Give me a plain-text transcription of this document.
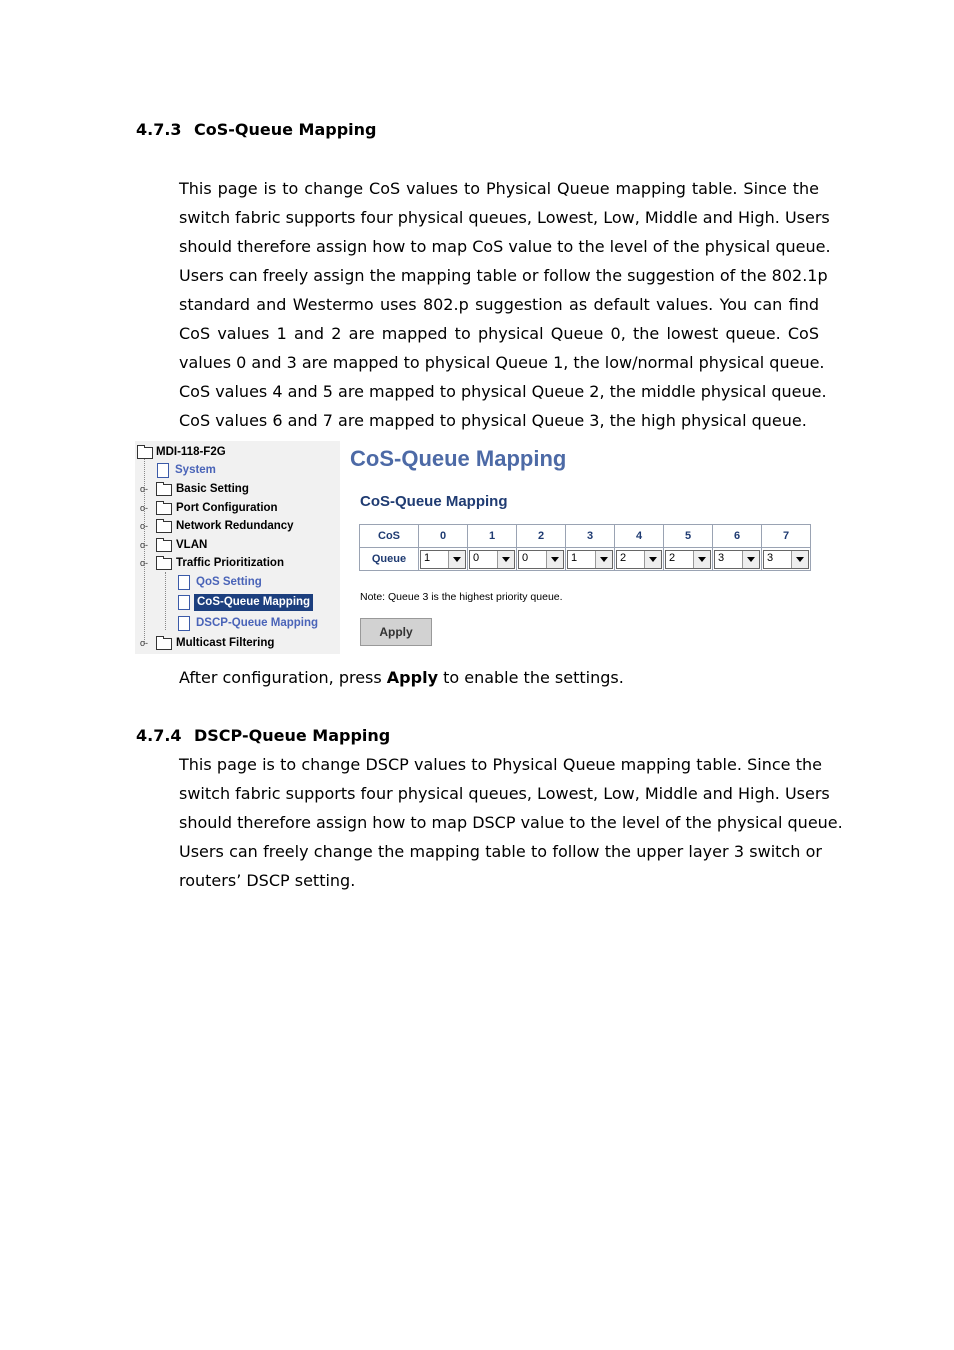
4.7.3 CoS-Queue Mapping
This page is to change CoS values to Physical Queue mapping table. Since the
switch fabric supports four physical queues, Lowest, Low, Middle and High. Users
should therefore assign how to map CoS value to the level of the physical queue.
Users can freely assign the mapping table or follow the suggestion of the 802.1p
standard and Westermo uses 802.p suggestion as default values. You can find
CoS values 1 and 2 are mapped to physical Queue 0, the lowest queue. CoS
values 0 and 3 are mapped to physical Queue 1, the low/normal physical queue.
CoS values 4 and 5 are mapped to physical Queue 2, the middle physical queue.
CoS values 6 and 7 are mapped to physical Queue 3, the high physical queue.
MDI-118-F2G
System
o- Basic Setting
o- Port Configuration
o- Network Redundancy
o- VLAN
o- Traffic Prioritization
QoS Setting
CoS-Queue Mapping
DSCP-Queue Mapping
o- Multicast Filtering
CoS-Queue Mapping
CoS-Queue Mapping
CoS	0	1	2	3	4	5	6	7
Queue	1	0	0	1	2	2	3	3
Note: Queue 3 is the highest priority queue.
Apply
After configuration, press Apply to enable the settings.
4.7.4 DSCP-Queue Mapping
This page is to change DSCP values to Physical Queue mapping table. Since the
switch fabric supports four physical queues, Lowest, Low, Middle and High. Users
should therefore assign how to map DSCP value to the level of the physical queue.
Users can freely change the mapping table to follow the upper layer 3 switch or
routers’ DSCP setting.
